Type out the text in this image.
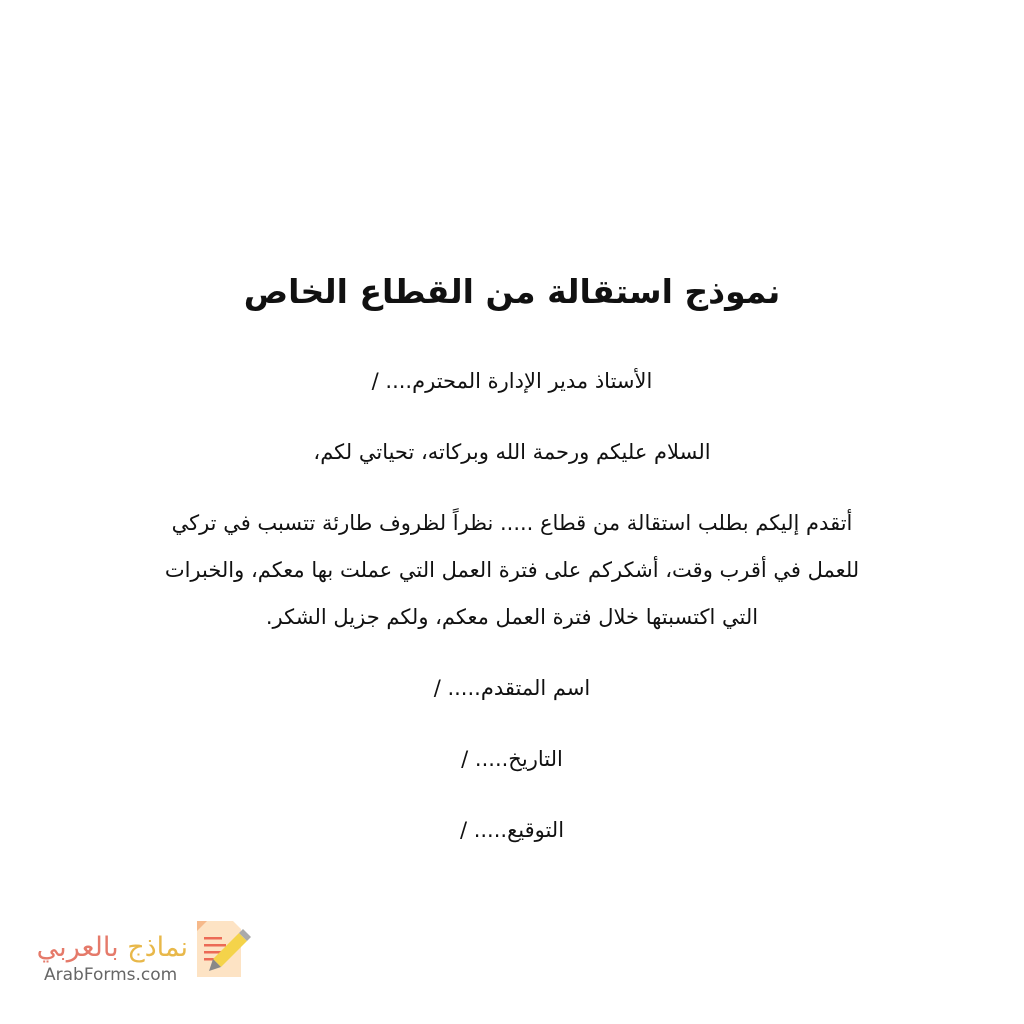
نموذج استقالة من القطاع الخاص

الأستاذ مدير الإدارة المحترم.... /

السلام عليكم ورحمة الله وبركاته، تحياتي لكم،

أتقدم إليكم بطلب استقالة من قطاع ..... نظراً لظروف طارئة تتسبب في تركي للعمل في أقرب وقت، أشكركم على فترة العمل التي عملت بها معكم، والخبرات التي اكتسبتها خلال فترة العمل معكم، ولكم جزيل الشكر.

اسم المتقدم..... /

التاريخ..... /

التوقيع..... /

نماذج بالعربي
ArabForms.com
